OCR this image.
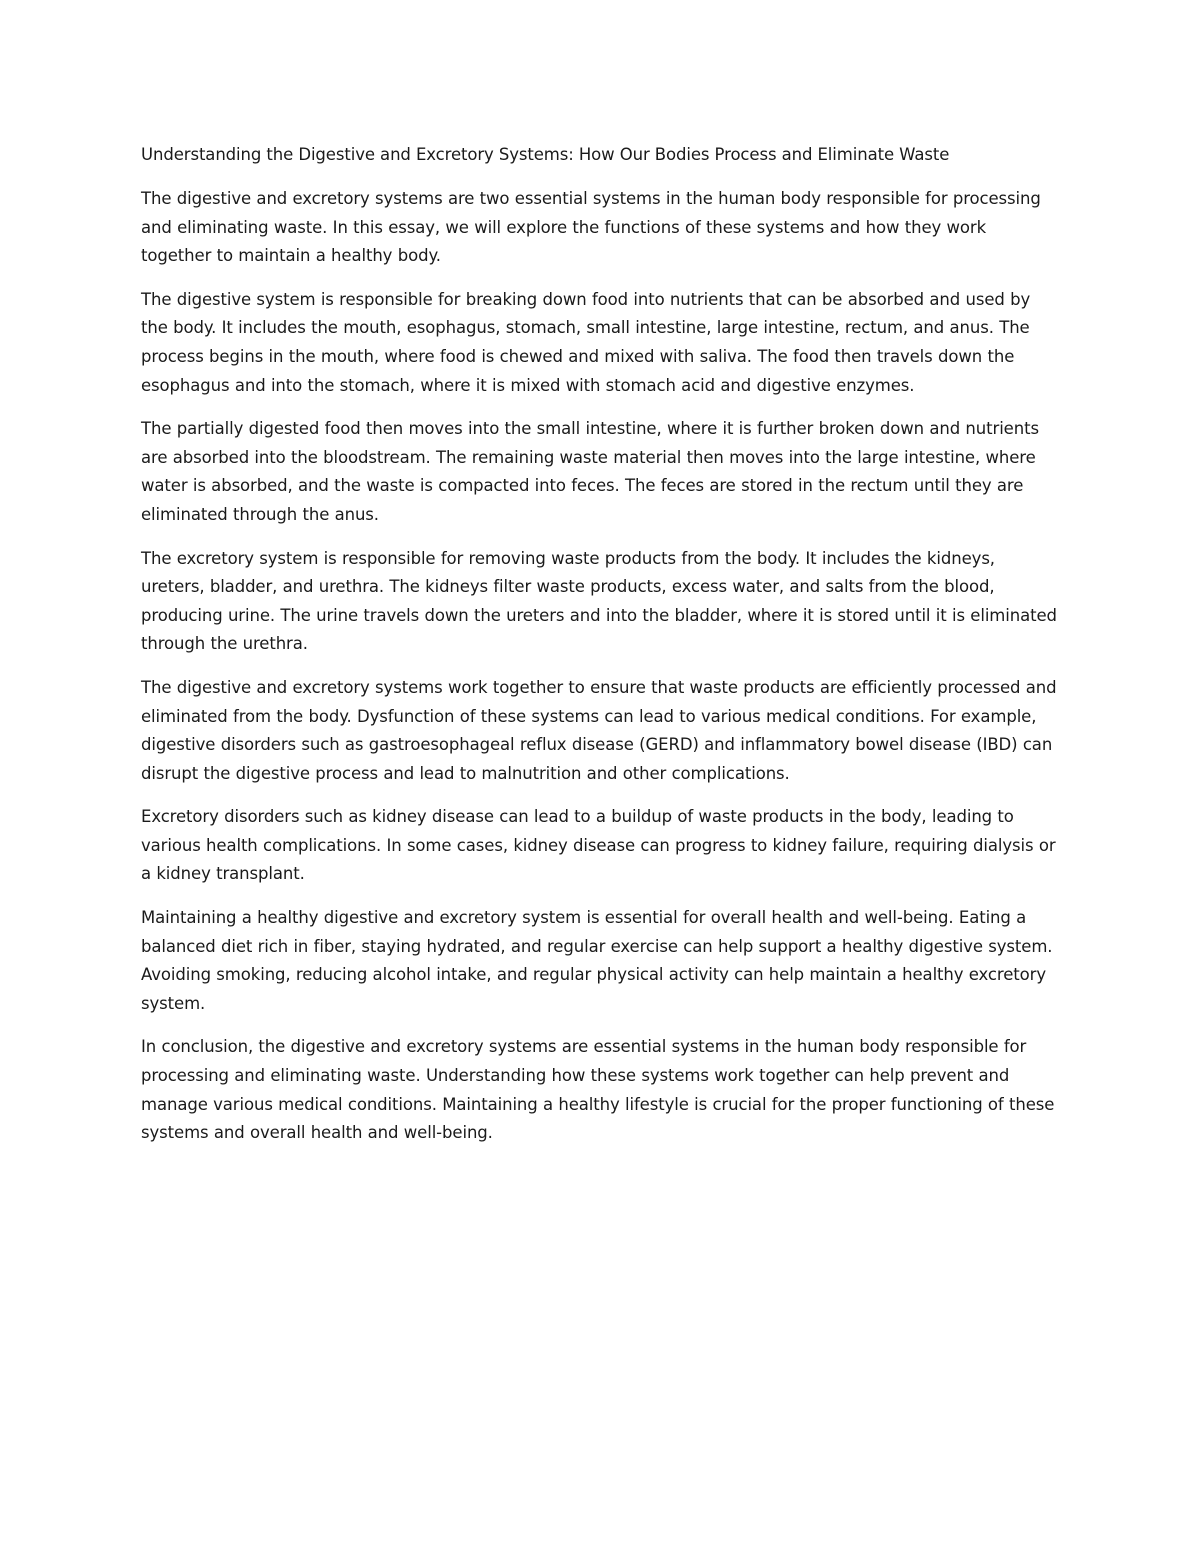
Understanding the Digestive and Excretory Systems: How Our Bodies Process and Eliminate Waste

The digestive and excretory systems are two essential systems in the human body responsible for processing and eliminating waste. In this essay, we will explore the functions of these systems and how they work together to maintain a healthy body.

The digestive system is responsible for breaking down food into nutrients that can be absorbed and used by the body. It includes the mouth, esophagus, stomach, small intestine, large intestine, rectum, and anus. The process begins in the mouth, where food is chewed and mixed with saliva. The food then travels down the esophagus and into the stomach, where it is mixed with stomach acid and digestive enzymes.

The partially digested food then moves into the small intestine, where it is further broken down and nutrients are absorbed into the bloodstream. The remaining waste material then moves into the large intestine, where water is absorbed, and the waste is compacted into feces. The feces are stored in the rectum until they are eliminated through the anus.

The excretory system is responsible for removing waste products from the body. It includes the kidneys, ureters, bladder, and urethra. The kidneys filter waste products, excess water, and salts from the blood, producing urine. The urine travels down the ureters and into the bladder, where it is stored until it is eliminated through the urethra.

The digestive and excretory systems work together to ensure that waste products are efficiently processed and eliminated from the body. Dysfunction of these systems can lead to various medical conditions. For example, digestive disorders such as gastroesophageal reflux disease (GERD) and inflammatory bowel disease (IBD) can disrupt the digestive process and lead to malnutrition and other complications.

Excretory disorders such as kidney disease can lead to a buildup of waste products in the body, leading to various health complications. In some cases, kidney disease can progress to kidney failure, requiring dialysis or a kidney transplant.

Maintaining a healthy digestive and excretory system is essential for overall health and well-being. Eating a balanced diet rich in fiber, staying hydrated, and regular exercise can help support a healthy digestive system. Avoiding smoking, reducing alcohol intake, and regular physical activity can help maintain a healthy excretory system.

In conclusion, the digestive and excretory systems are essential systems in the human body responsible for processing and eliminating waste. Understanding how these systems work together can help prevent and manage various medical conditions. Maintaining a healthy lifestyle is crucial for the proper functioning of these systems and overall health and well-being.
